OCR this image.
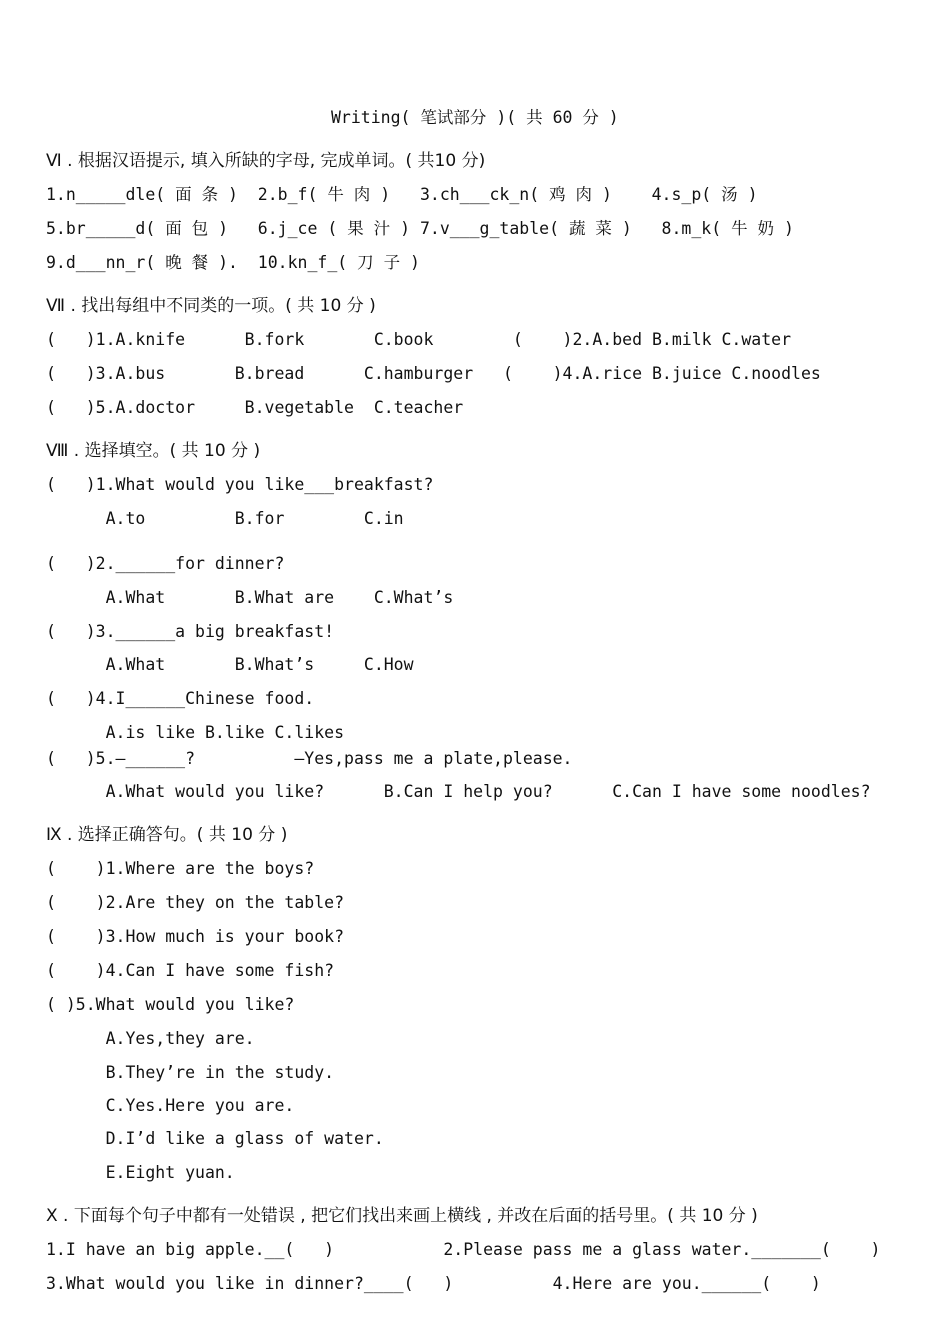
Writing( 笔试部分 )( 共 60 分 )
Ⅵ . 根据汉语提示, 填入所缺的字母, 完成单词。( 共10 分)
1.n_____dle( 面 条 )  2.b_f( 牛 肉 )   3.ch___ck_n( 鸡 肉 )    4.s_p( 汤 )
5.br_____d( 面 包 )   6.j_ce ( 果 汁 ) 7.v___g_table( 蔬 菜 )   8.m_k( 牛 奶 )
9.d___nn_r( 晚 餐 ).  10.kn_f_( 刀 子 )
Ⅶ . 找出每组中不同类的一项。( 共 10 分 )
(   )1.A.knife      B.fork       C.book        (    )2.A.bed B.milk C.water
(   )3.A.bus       B.bread      C.hamburger   (    )4.A.rice B.juice C.noodles
(   )5.A.doctor     B.vegetable  C.teacher
Ⅷ . 选择填空。( 共 10 分 )
(   )1.What would you like___breakfast?
A.to         B.for        C.in
(   )2.______for dinner?
A.What       B.What are    C.What’s
(   )3.______a big breakfast!
A.What       B.What’s     C.How
(   )4.I______Chinese food.
A.is like B.like C.likes
(   )5.—______?          —Yes,pass me a plate,please.
A.What would you like?      B.Can I help you?      C.Can I have some noodles?
Ⅸ . 选择正确答句。( 共 10 分 )
(    )1.Where are the boys?
(    )2.Are they on the table?
(    )3.How much is your book?
(    )4.Can I have some fish?
( )5.What would you like?
A.Yes,they are.
B.They’re in the study.
C.Yes.Here you are.
D.I’d like a glass of water.
E.Eight yuan.
Ⅹ . 下面每个句子中都有一处错误 , 把它们找出来画上横线 , 并改在后面的括号里。( 共 10 分 )
1.I have an big apple.__(   )           2.Please pass me a glass water._______(    )
3.What would you like in dinner?____(   )          4.Here are you.______(    )
